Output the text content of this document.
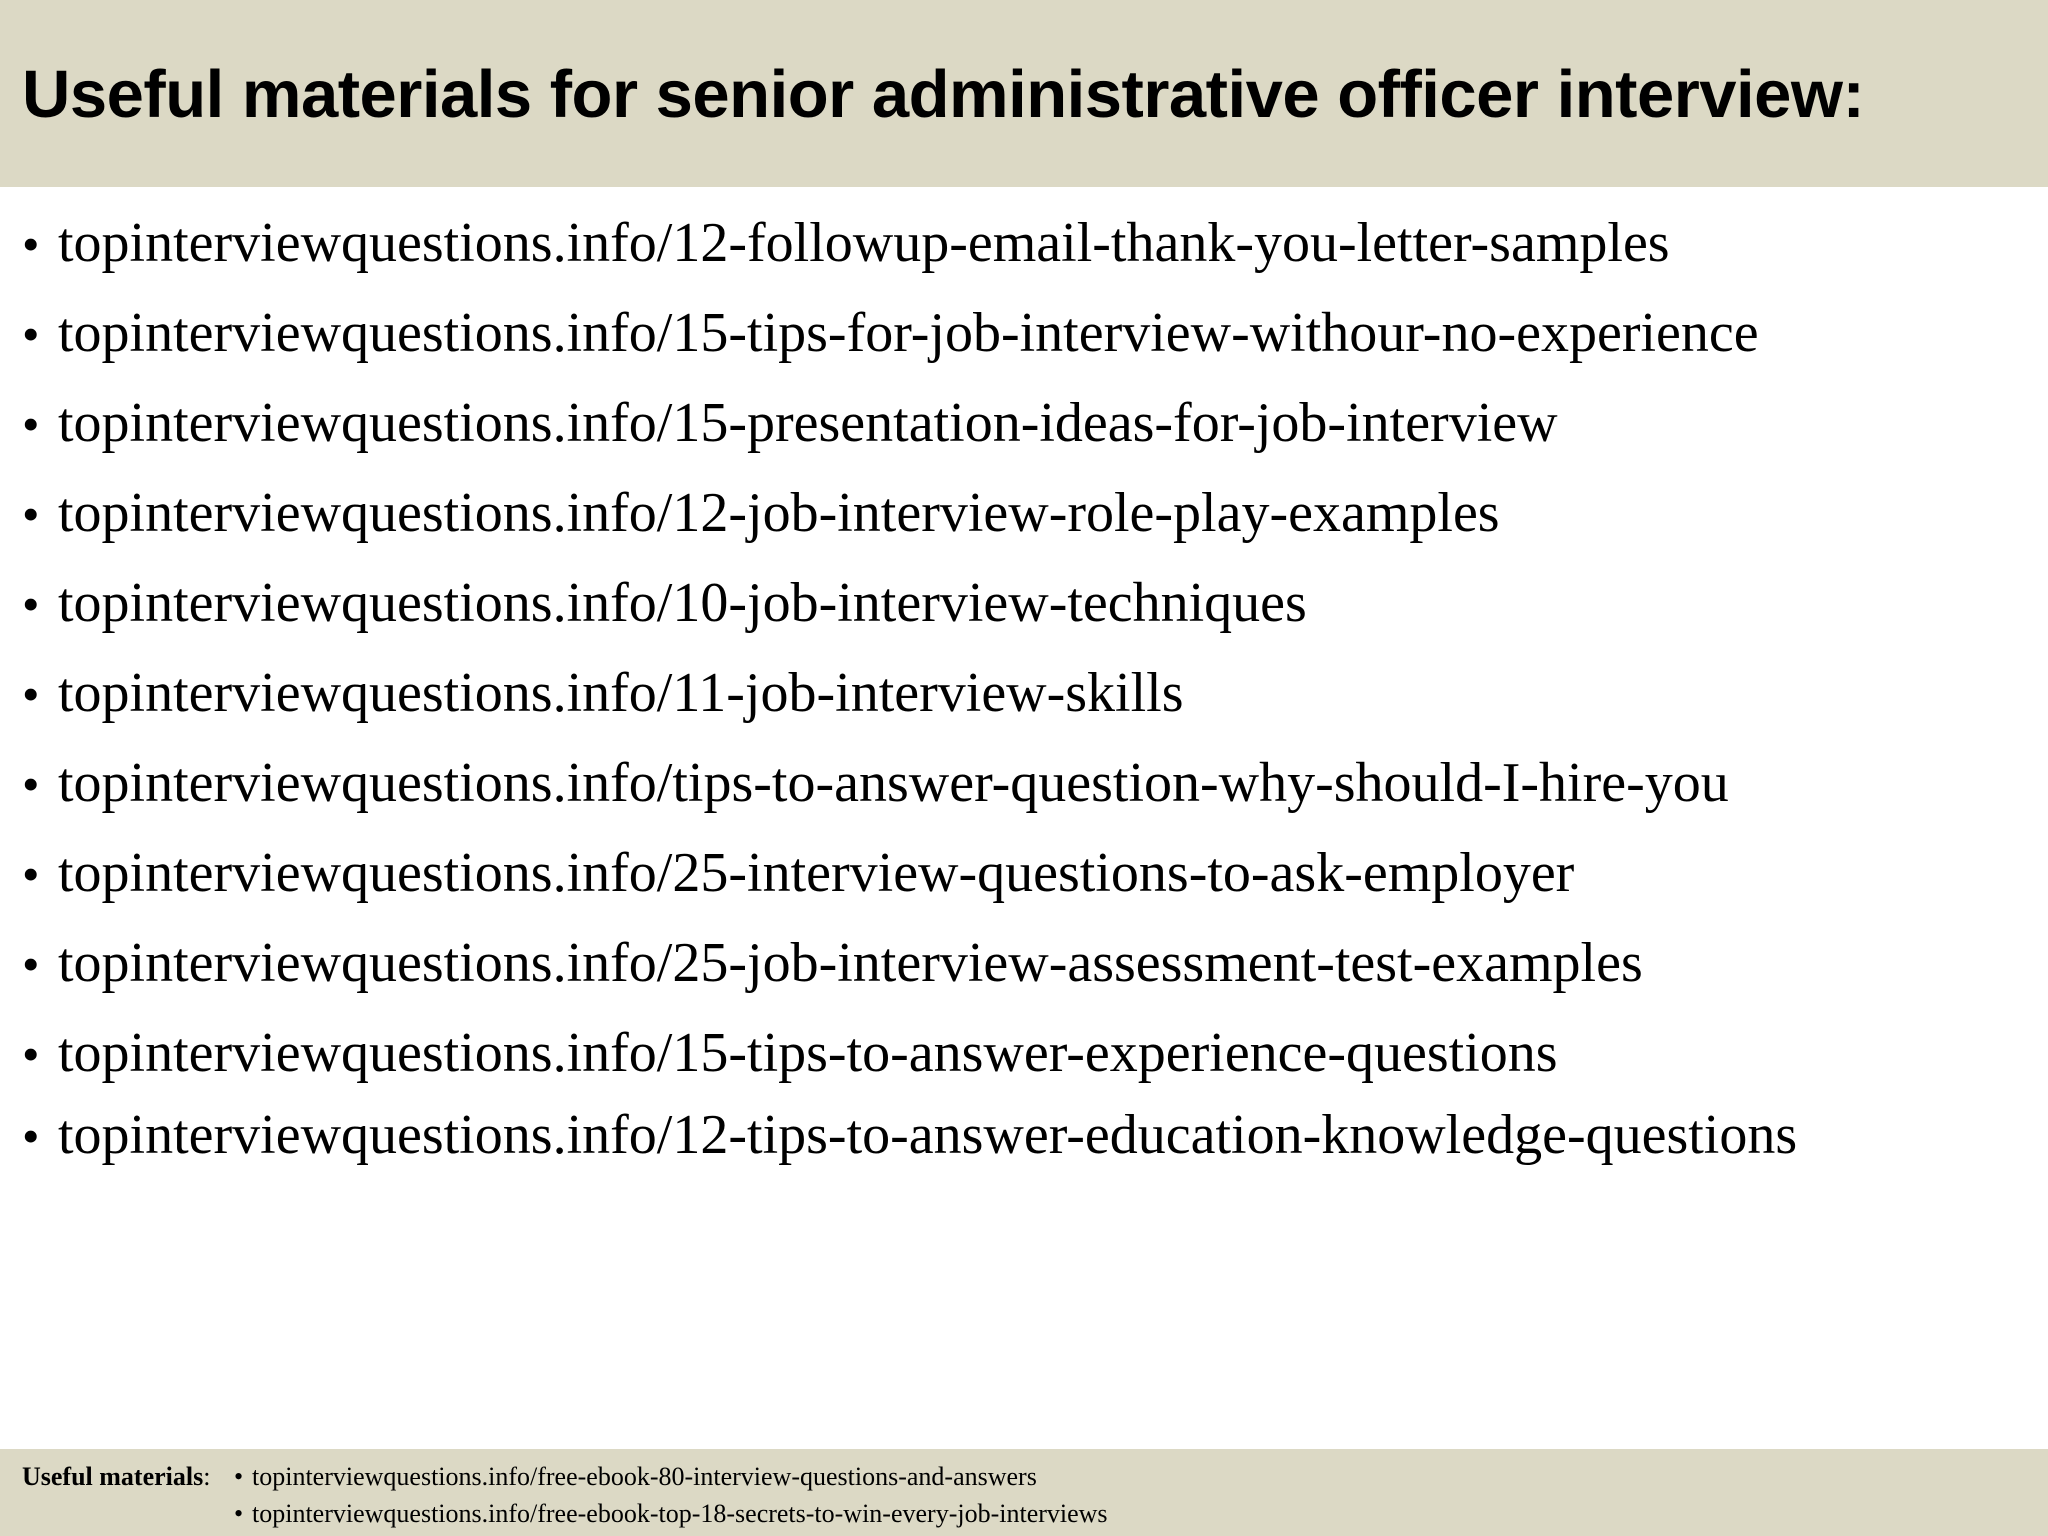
Useful materials for senior administrative officer interview:
• topinterviewquestions.info/12-followup-email-thank-you-letter-samples
• topinterviewquestions.info/15-tips-for-job-interview-withour-no-experience
• topinterviewquestions.info/15-presentation-ideas-for-job-interview
• topinterviewquestions.info/12-job-interview-role-play-examples
• topinterviewquestions.info/10-job-interview-techniques
• topinterviewquestions.info/11-job-interview-skills
• topinterviewquestions.info/tips-to-answer-question-why-should-I-hire-you
• topinterviewquestions.info/25-interview-questions-to-ask-employer
• topinterviewquestions.info/25-job-interview-assessment-test-examples
• topinterviewquestions.info/15-tips-to-answer-experience-questions
• topinterviewquestions.info/12-tips-to-answer-education-knowledge-questions
Useful materials: • topinterviewquestions.info/free-ebook-80-interview-questions-and-answers
• topinterviewquestions.info/free-ebook-top-18-secrets-to-win-every-job-interviews
